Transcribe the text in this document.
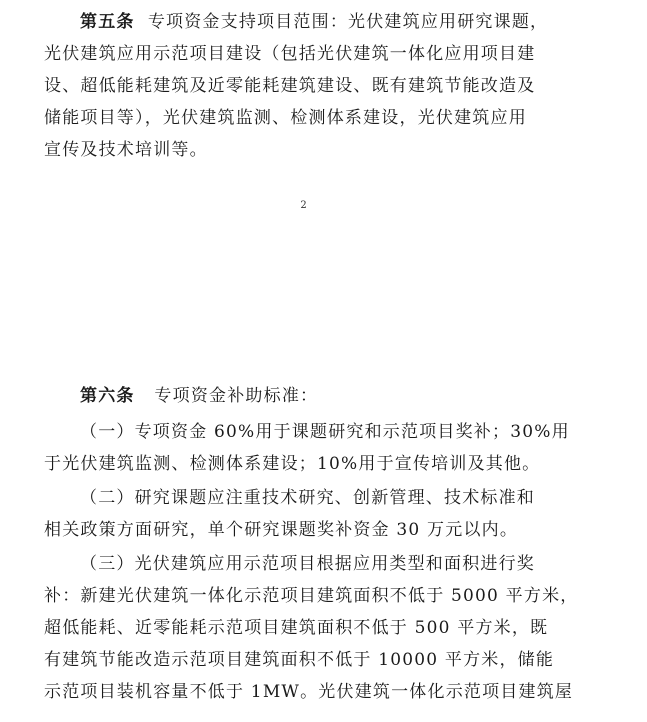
第五条 专项资金支持项目范围：光伏建筑应用研究课题，
光伏建筑应用示范项目建设（包括光伏建筑一体化应用项目建
设、超低能耗建筑及近零能耗建筑建设、既有建筑节能改造及
储能项目等），光伏建筑监测、检测体系建设，光伏建筑应用
宣传及技术培训等。
2
第六条 专项资金补助标准：
（一）专项资金 60%用于课题研究和示范项目奖补；30%用
于光伏建筑监测、检测体系建设；10%用于宣传培训及其他。
（二）研究课题应注重技术研究、创新管理、技术标准和
相关政策方面研究，单个研究课题奖补资金 30 万元以内。
（三）光伏建筑应用示范项目根据应用类型和面积进行奖
补：新建光伏建筑一体化示范项目建筑面积不低于 5000 平方米，
超低能耗、近零能耗示范项目建筑面积不低于 500 平方米，既
有建筑节能改造示范项目建筑面积不低于 10000 平方米，储能
示范项目装机容量不低于 1MW。光伏建筑一体化示范项目建筑屋
